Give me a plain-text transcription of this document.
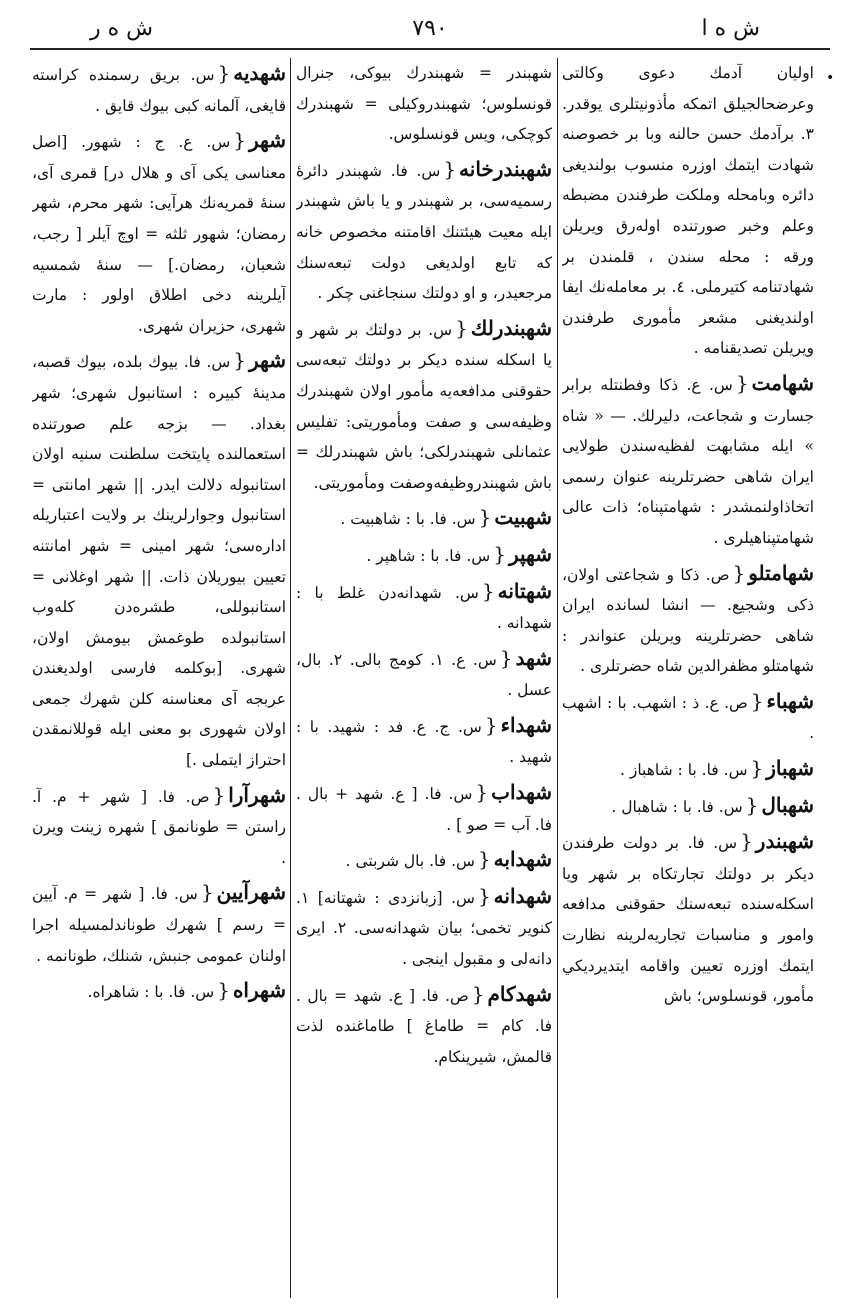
ش ه ر	۷۹۰	ش ه ا
•
اولیان آدمك دعوی وكالتی وعرضحالجیلق اتمكه مأذونیتلری یوقدر. ۳. برآدمك حسن حالنه وبا بر خصوصنه شهادت ایتمك اوزره منسوب بولندیغی دائره وبامحله وملكت طرفندن مضبطه وعلم وخبر صورتنده اولەرق ویریلن ورقه : محله سندن ، قلمندن بر شهادتنامه كتیرملی. ٤. بر معاملەنك ایفا اولندیغنی مشعر مأموری طرفندن ویریلن تصدیقنامه .
شهامت{س. ع. ذكا وفطنتله برابر جسارت و شجاعت، دلیرلك. — « شاه » ایله مشابهت لفظیەسندن طولایی ایران شاهی حضرتلرینه عنوان رسمی اتخاذاولنمشدر : شهامتپناه؛ ذات عالی شهامتپناهیلری .
شهامتلو{ص. ذكا و شجاعتی اولان، ذكی وشجیع. — انشا لسانده ایران شاهی حضرتلرینه ویریلن عنواندر : شهامتلو مظفرالدین شاه حضرتلری .
شهباء{ص. ع. ذ : اشهب. با : اشهب .
شهباز{س. فا. با : شاهباز .
شهبال{س. فا. با : شاهبال .
شهبندر{س. فا. بر دولت طرفندن دیكر بر دولتك تجارتكاه بر شهر ویا اسكلەسنده تبعەسنك حقوقنی مدافعه وامور و مناسبات تجاریەلرینه نظارت ایتمك اوزره تعیین واقامه ایتدیرديكي مأمور، قونسلوس؛ باش
شهبندر = شهبندرك بیوكی، جنرال قونسلوس؛ شهبندروكیلی = شهبندرك كوچكی، ویس قونسلوس.
شهبندرخانه{س. فا. شهبندر دائرهٔ رسمیەسی، بر شهبندر و یا باش شهبندر ایله معیت هیئتنك اقامتنه مخصوص خانه كه تابع اولدیغی دولت تبعەسنك مرجعیدر، و او دولتك سنجاغنی چكر .
شهبندرلك{س. بر دولتك بر شهر و یا اسكله سنده دیكر بر دولتك تبعەسی حقوقنی مدافعەیه مأمور اولان شهبندرك وظیفەسی و صفت ومأموریتی: تفلیس عثمانلی شهبندرلكی؛ باش شهبندرلك = باش شهبندروظیفەوصفت ومأموریتی.
شهبیت{س. فا. با : شاهبیت .
شهپر{س. فا. با : شاهپر .
شهتانه{س. شهدانەدن غلط با : شهدانه .
شهد{س. ع. ۱. كومج بالی. ۲. بال، عسل .
شهداء{س. ج. ع. فد : شهید. با : شهید .
شهداب{س. فا. [ ع. شهد + بال . فا. آب = صو ] .
شهدابه{س. فا. بال شربتی .
شهدانه{س. [زبانزدی : شهتانه] ۱. كنویر تخمی؛ بیان شهدانەسی. ۲. ایری دانەلی و مقبول اینجی .
شهدكام{ص. فا. [ ع. شهد = بال . فا. كام = طاماغ ] طاماغنده لذت قالمش، شیرینكام.
شهدیه{س. بریق رسمنده كراسته قایغی، آلمانه كبی بیوك قایق .
شهر{س. ع. ج : شهور. [اصل معناسی یكی آی و هلال در] قمری آی، سنهٔ قمریەنك هرآیی: شهر محرم، شهر رمضان؛ شهور ثلثه = اوچ آیلر [ رجب، شعبان، رمضان.] — سنهٔ شمسیه آیلرینه دخی اطلاق اولور : مارت شهری، حزیران شهری.
شهر{س. فا. بیوك بلده، بیوك قصبه، مدینهٔ كبیره : استانبول شهری؛ شهر بغداد. — بزجه علم صورتنده استعمالنده پایتخت سلطنت سنیه اولان استانبوله دلالت ایدر. || شهر امانتی = استانبول وجوارلرینك بر ولایت اعتباریله ادارەسی؛ شهر امینی = شهر امانتنه تعیین بیوریلان ذات. || شهر اوغلانی = استانبوللی، طشرەدن كلەوب استانبولده طوغمش بیومش اولان، شهری. [بوكلمه فارسی اولدیغندن عربجه آی معناسنه كلن شهرك جمعی اولان شهوری بو معنی ایله قوللانمقدن احتراز ایتملی .]
شهرآرا{ص. فا. [ شهر + م. آ. راستن = طونانمق ] شهره زینت ویرن .
شهرآیین{س. فا. [ شهر = م. آیین = رسم ] شهرك طوناندلمسیله اجرا اولنان عمومی جنبش، شنلك، طونانمه .
شهراه{س. فا. با : شاهراه.
